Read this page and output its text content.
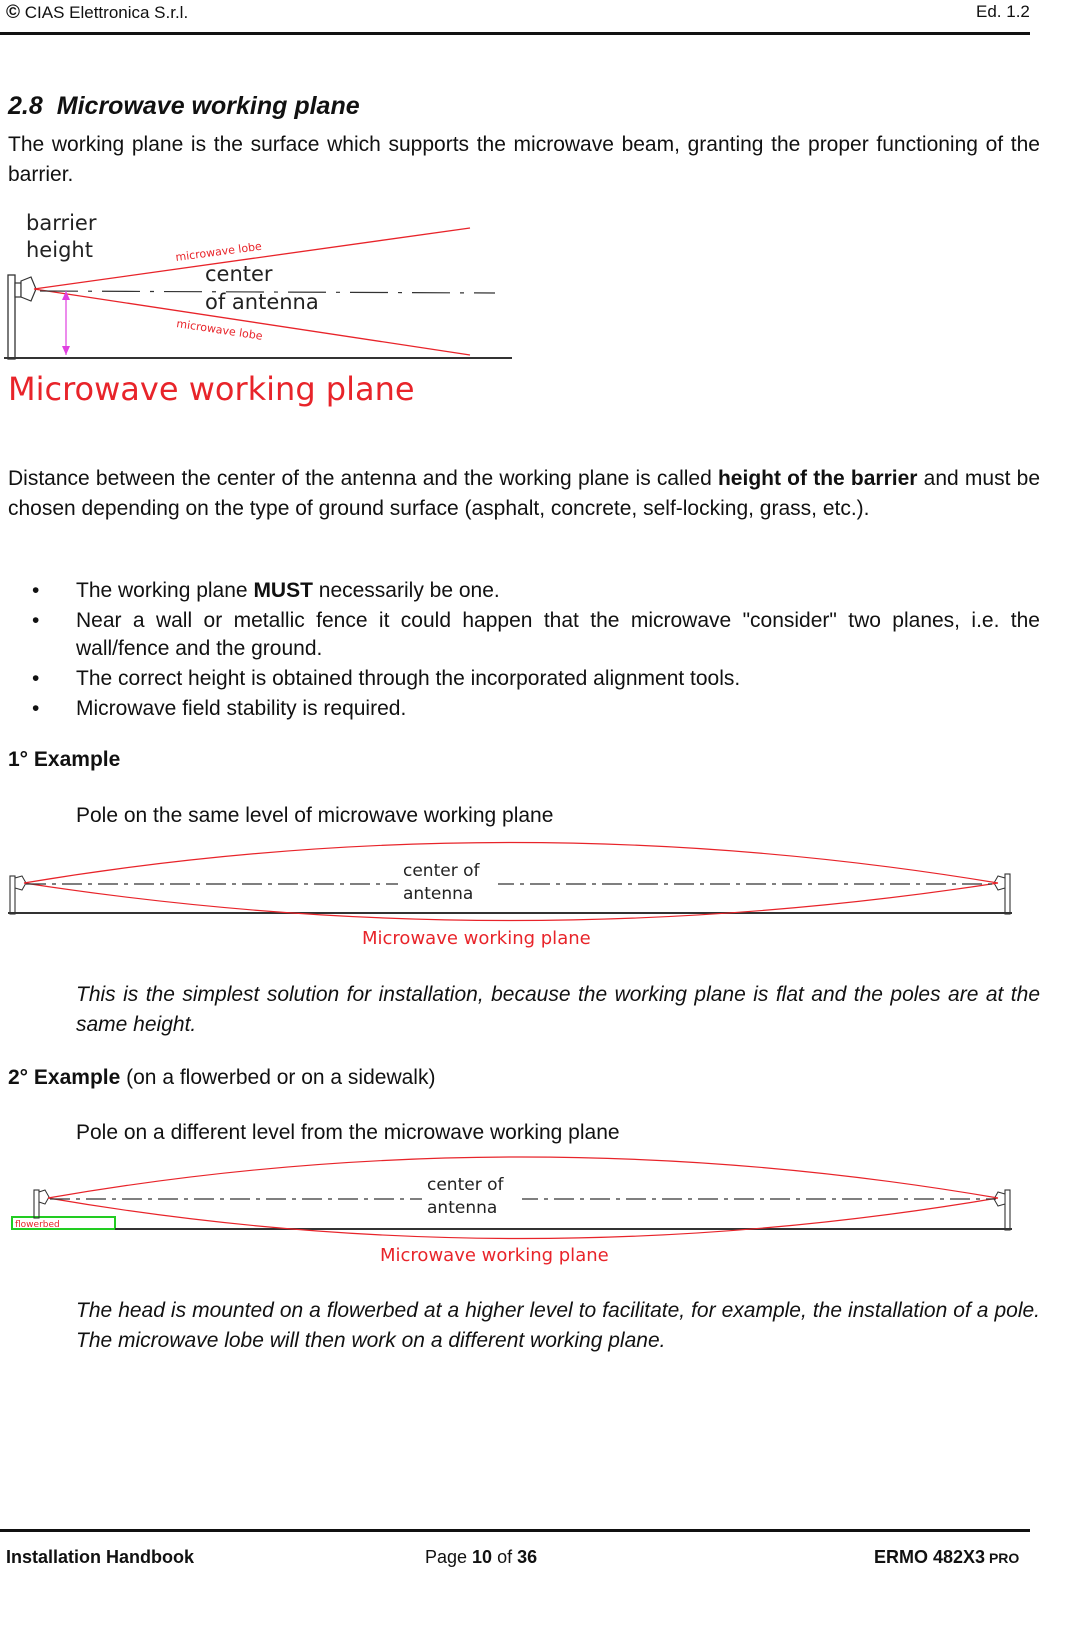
© CIAS Elettronica S.r.l.	Ed. 1.2
2.8 Microwave working plane
The working plane is the surface which supports the microwave beam, granting the proper functioning of the barrier.
barrier
height	microwave lobe
microwave lobe
center
of antenna
Microwave working plane
Distance between the center of the antenna and the working plane is called height of the barrier and must be chosen depending on the type of ground surface (asphalt, concrete, self-locking, grass, etc.).
• The working plane MUST necessarily be one.
• Near a wall or metallic fence it could happen that the microwave "consider" two planes, i.e. the wall/fence and the ground.
• The correct height is obtained through the incorporated alignment tools.
• Microwave field stability is required.
1° Example
Pole on the same level of microwave working plane
center of
antenna
Microwave working plane
This is the simplest solution for installation, because the working plane is flat and the poles are at the same height.
2° Example (on a flowerbed or on a sidewalk)
Pole on a different level from the microwave working plane
flowerbed
center of
antenna
Microwave working plane
The head is mounted on a flowerbed at a higher level to facilitate, for example, the installation of a pole. The microwave lobe will then work on a different working plane.
Installation Handbook	Page 10 of 36	ERMO 482X3 PRO
